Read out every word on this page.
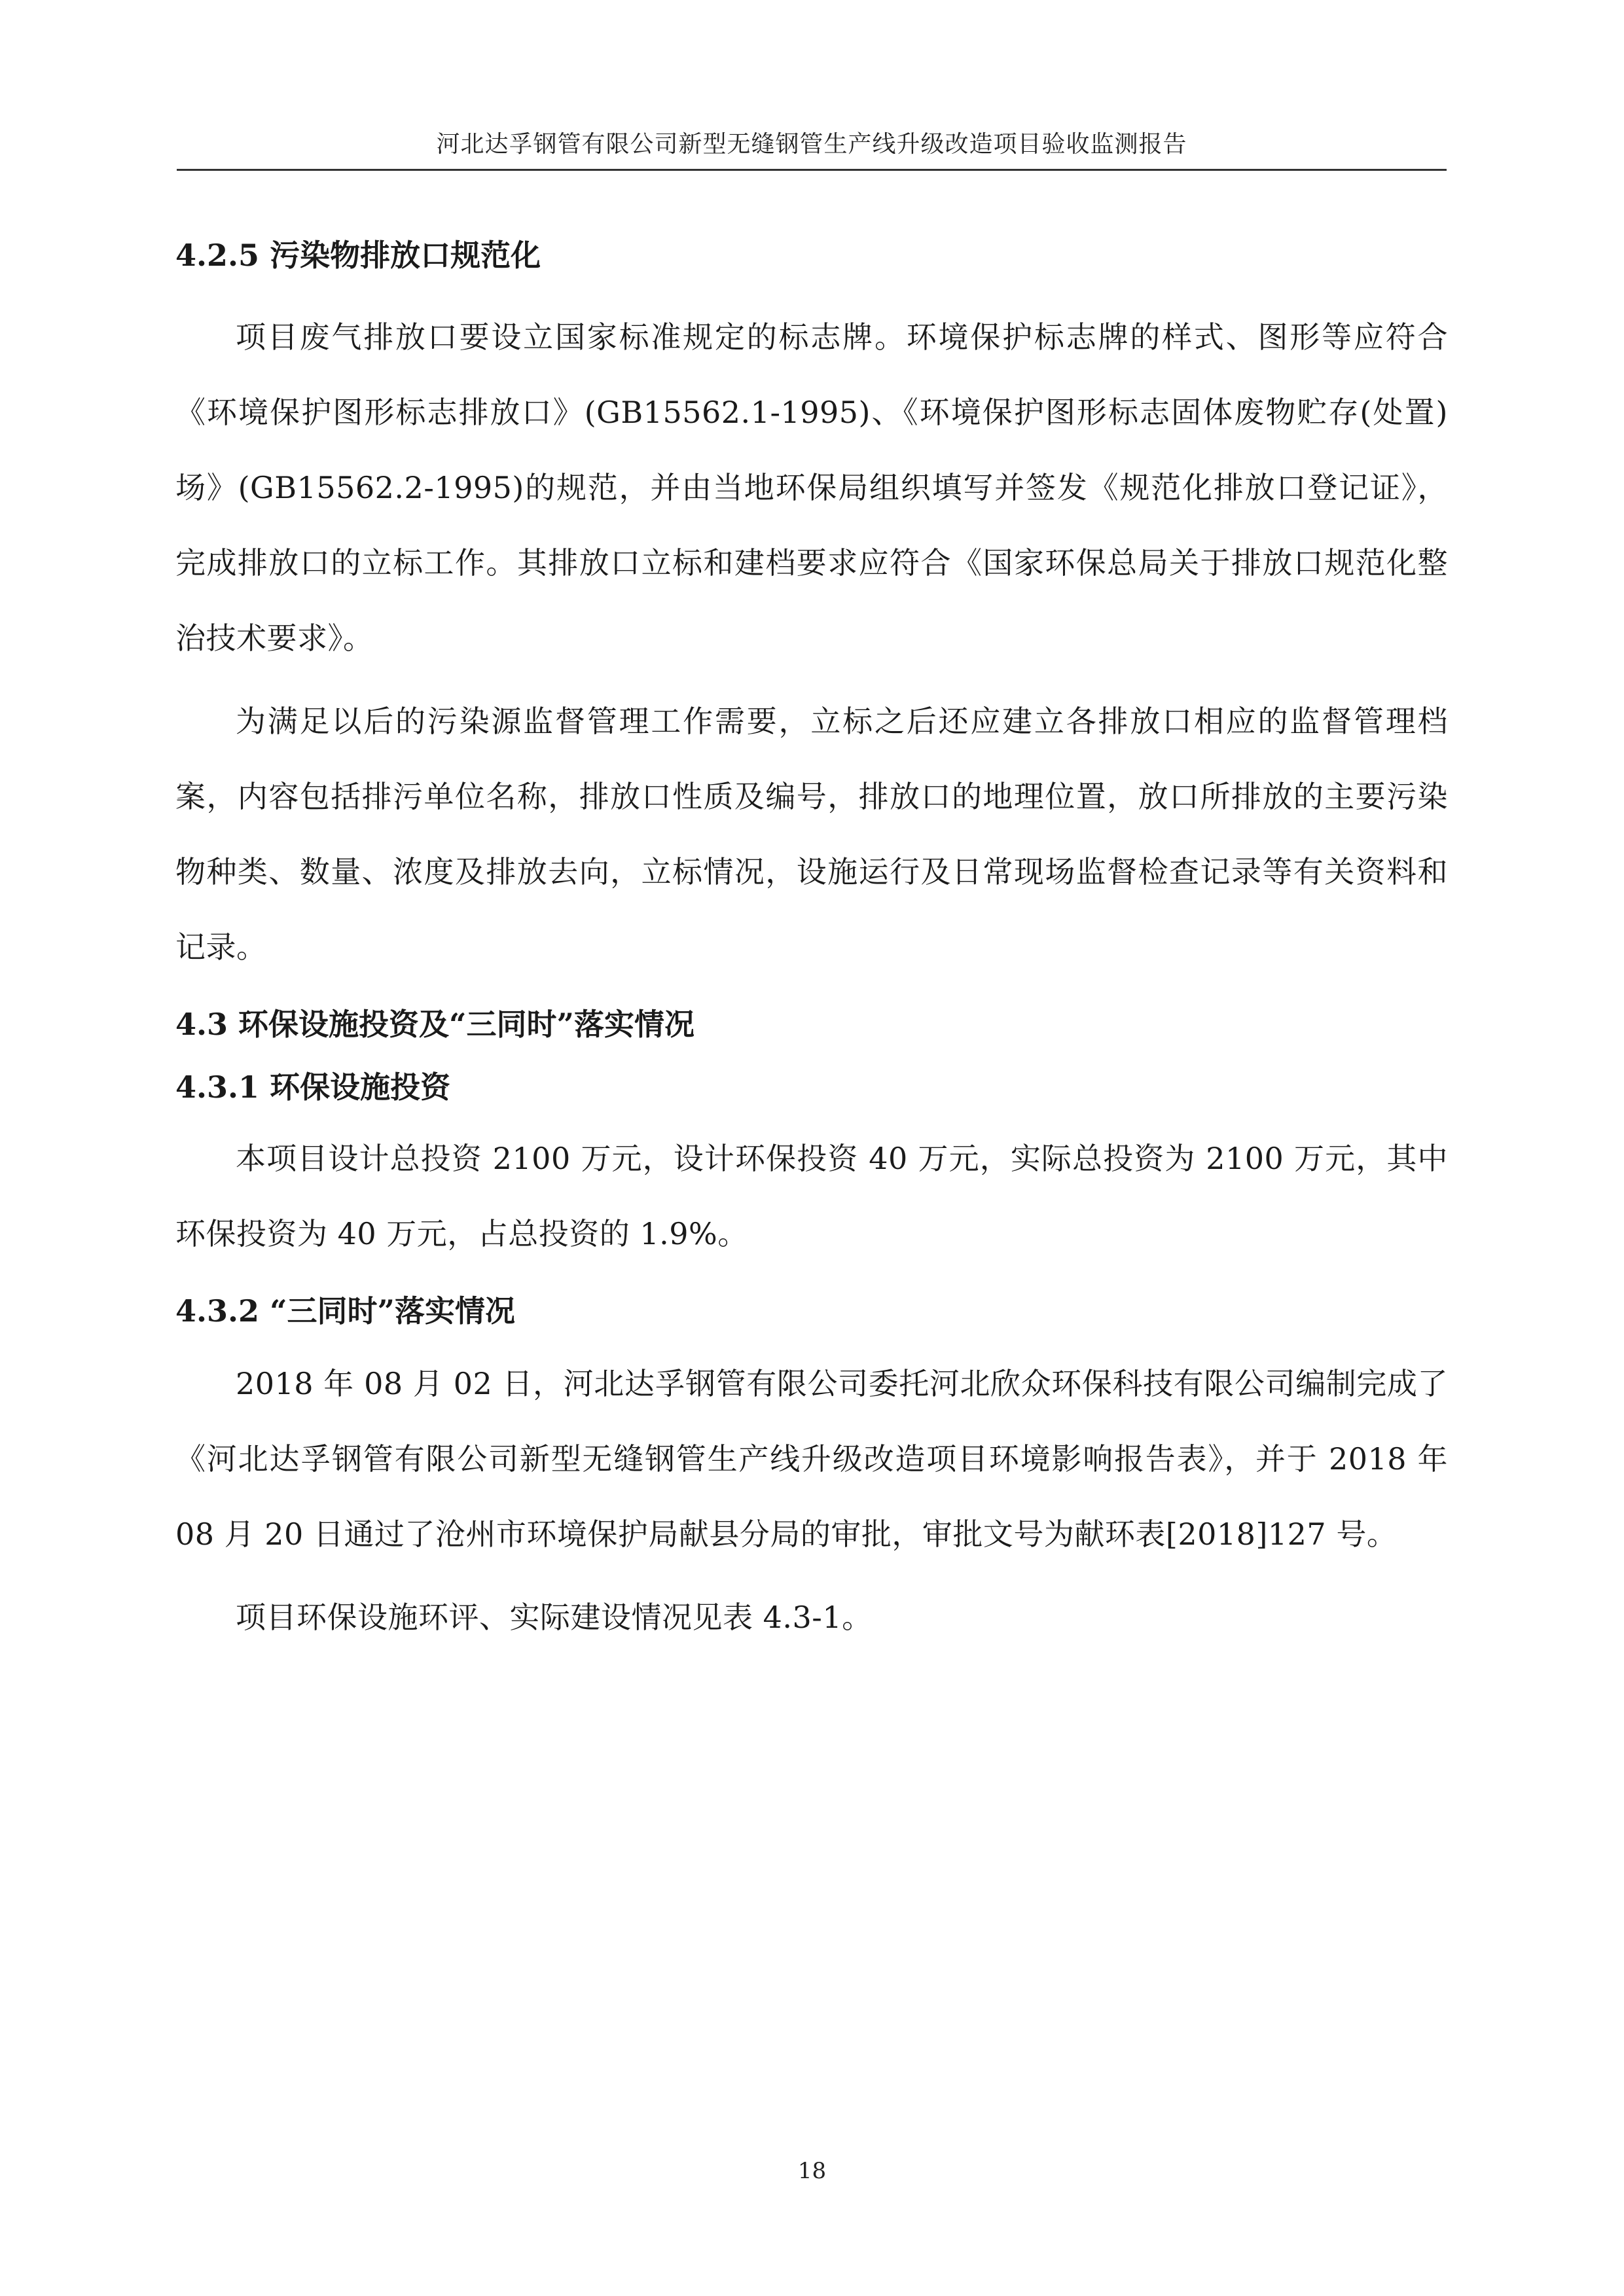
河北达孚钢管有限公司新型无缝钢管生产线升级改造项目验收监测报告
4.2.5 污染物排放口规范化

项目废气排放口要设立国家标准规定的标志牌。环境保护标志牌的样式、图形等应符合《环境保护图形标志排放口》(GB15562.1-1995)、《环境保护图形标志固体废物贮存(处置)场》(GB15562.2-1995)的规范，并由当地环保局组织填写并签发《规范化排放口登记证》，完成排放口的立标工作。其排放口立标和建档要求应符合《国家环保总局关于排放口规范化整治技术要求》。

为满足以后的污染源监督管理工作需要，立标之后还应建立各排放口相应的监督管理档案，内容包括排污单位名称，排放口性质及编号，排放口的地理位置，放口所排放的主要污染物种类、数量、浓度及排放去向，立标情况，设施运行及日常现场监督检查记录等有关资料和记录。

4.3 环保设施投资及“三同时”落实情况
4.3.1 环保设施投资

本项目设计总投资 2100 万元，设计环保投资 40 万元，实际总投资为 2100 万元，其中环保投资为 40 万元，占总投资的 1.9%。

4.3.2 “三同时”落实情况

2018 年 08 月 02 日，河北达孚钢管有限公司委托河北欣众环保科技有限公司编制完成了《河北达孚钢管有限公司新型无缝钢管生产线升级改造项目环境影响报告表》，并于 2018 年 08 月 20 日通过了沧州市环境保护局献县分局的审批，审批文号为献环表[2018]127 号。

项目环保设施环评、实际建设情况见表 4.3-1。

18
